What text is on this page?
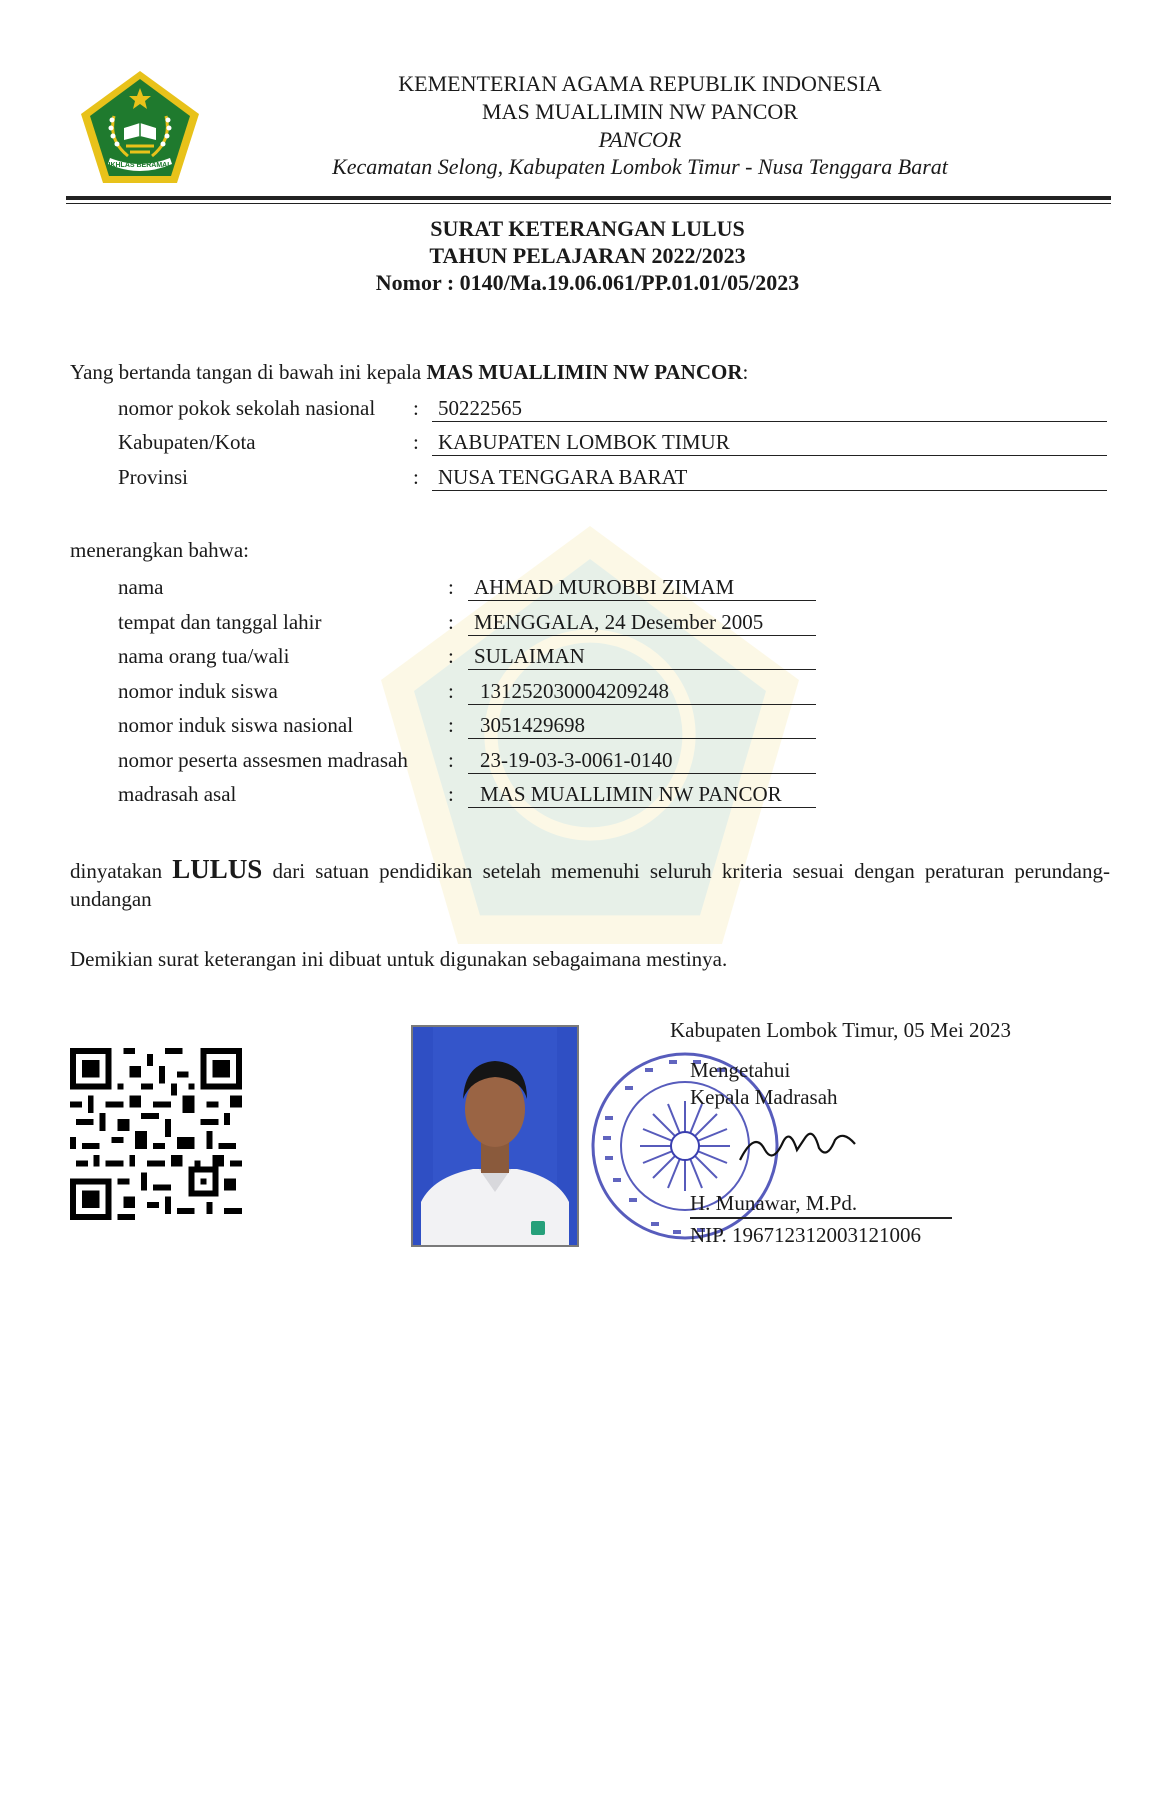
IKHLAS BERAMAL
KEMENTERIAN AGAMA REPUBLIK INDONESIA
MAS MUALLIMIN NW PANCOR
PANCOR
Kecamatan Selong, Kabupaten Lombok Timur - Nusa Tenggara Barat
SURAT KETERANGAN LULUS
TAHUN PELAJARAN 2022/2023
Nomor : 0140/Ma.19.06.061/PP.01.01/05/2023
Yang bertanda tangan di bawah ini kepala MAS MUALLIMIN NW PANCOR:
nomor pokok sekolah nasional : 50222565
Kabupaten/Kota	: KABUPATEN LOMBOK TIMUR
Provinsi	: NUSA TENGGARA BARAT
menerangkan bahwa:
nama	: AHMAD MUROBBI ZIMAM
tempat dan tanggal lahir	: MENGGALA, 24 Desember 2005
nama orang tua/wali	: SULAIMAN
nomor induk siswa	:	131252030004209248
nomor induk siswa nasional	:	3051429698
nomor peserta assesmen madrasah :	23-19-03-3-0061-0140
madrasah asal	:	MAS MUALLIMIN NW PANCOR
dinyatakan LULUS dari satuan pendidikan setelah memenuhi seluruh kriteria sesuai dengan peraturan perundang-undangan
Demikian surat keterangan ini dibuat untuk digunakan sebagaimana mestinya.
Kabupaten Lombok Timur, 05 Mei 2023
Mengetahui
Kepala Madrasah
H. Munawar, M.Pd.
NIP. 196712312003121006
